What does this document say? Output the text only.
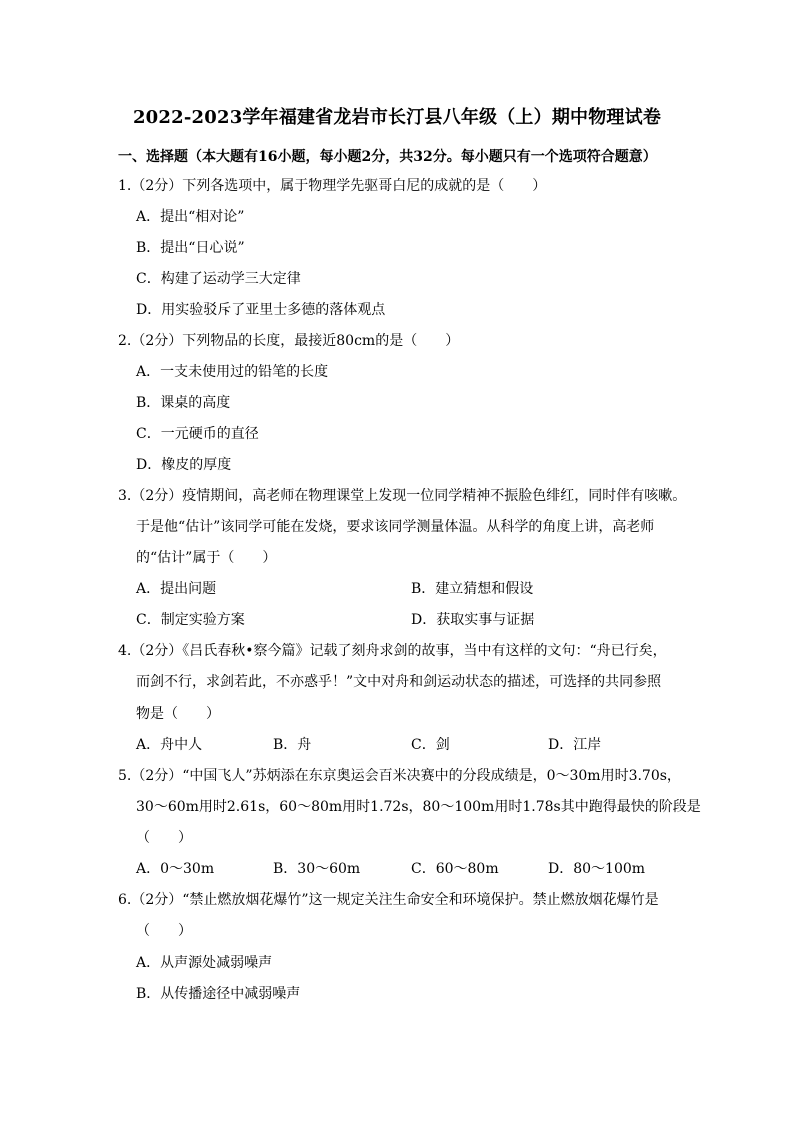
2022-2023学年福建省龙岩市长汀县八年级（上）期中物理试卷
一、选择题（本大题有16小题，每小题2分，共32分。每小题只有一个选项符合题意）
1.（2分）下列各选项中，属于物理学先驱哥白尼的成就的是（　　）
A．提出“相对论”
B．提出“日心说”
C．构建了运动学三大定律
D．用实验驳斥了亚里士多德的落体观点
2.（2分）下列物品的长度，最接近80cm的是（　　）
A．一支未使用过的铅笔的长度
B．课桌的高度
C．一元硬币的直径
D．橡皮的厚度
3.（2分）疫情期间，高老师在物理课堂上发现一位同学精神不振脸色绯红，同时伴有咳嗽。
于是他“估计”该同学可能在发烧，要求该同学测量体温。从科学的角度上讲，高老师
的“估计”属于（　　）
A．提出问题	B．建立猜想和假设
C．制定实验方案	D．获取实事与证据
4.（2分）《吕氏春秋•察今篇》记载了刻舟求剑的故事，当中有这样的文句：“舟已行矣，
而剑不行，求剑若此，不亦惑乎！”文中对舟和剑运动状态的描述，可选择的共同参照
物是（　　）
A．舟中人	B．舟	C．剑	D．江岸
5.（2分）“中国飞人”苏炳添在东京奥运会百米决赛中的分段成绩是，0～30m用时3.70s，
30～60m用时2.61s，60～80m用时1.72s，80～100m用时1.78s其中跑得最快的阶段是
（　　）
A．0～30m	B．30～60m	C．60～80m	D．80～100m
6.（2分）“禁止燃放烟花爆竹”这一规定关注生命安全和环境保护。禁止燃放烟花爆竹是
（　　）
A．从声源处减弱噪声
B．从传播途径中减弱噪声
